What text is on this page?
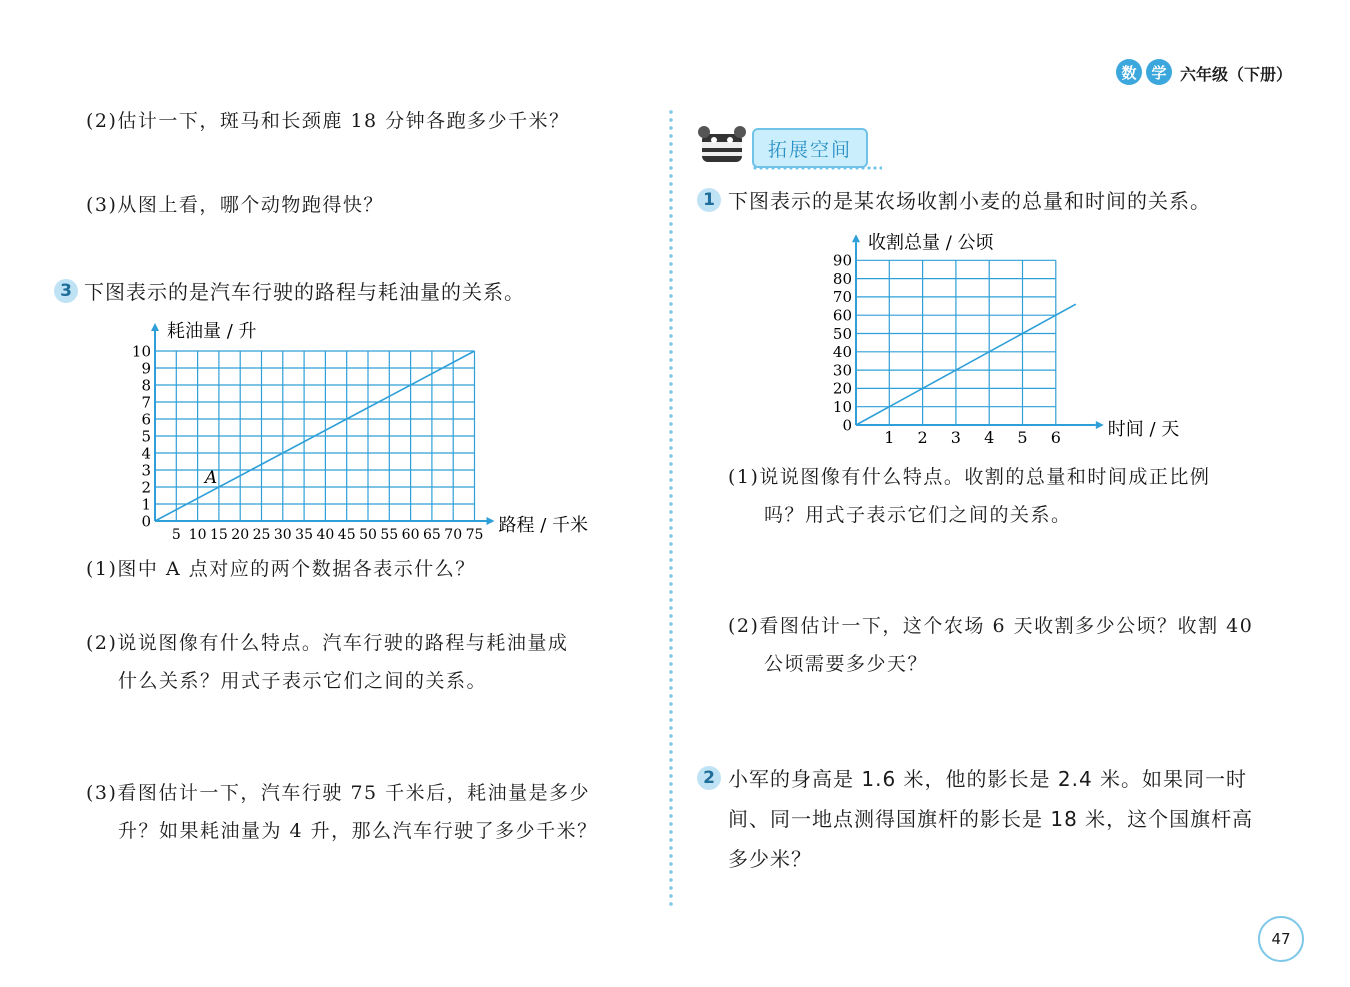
数 学 六年级（下册）
(2)估计一下，斑马和长颈鹿 18 分钟各跑多少千米？
(3)从图上看，哪个动物跑得快？
3 下图表示的是汽车行驶的路程与耗油量的关系。
5 10 15 20 25 30 35 40 45 50 55 60 65 70 75
0
1
2
3
4
5
6
7
8
9
10
A
耗油量 / 升
路程 / 千米
(1)图中 A 点对应的两个数据各表示什么？
(2)说说图像有什么特点。汽车行驶的路程与耗油量成
什么关系？用式子表示它们之间的关系。
(3)看图估计一下，汽车行驶 75 千米后，耗油量是多少
升？如果耗油量为 4 升，那么汽车行驶了多少千米？
拓展空间
1 下图表示的是某农场收割小麦的总量和时间的关系。
1 2 3 4 5 6
0
10
20
30
40
50
60
70
80
90
收割总量 / 公顷
时间 / 天
(1)说说图像有什么特点。收割的总量和时间成正比例
吗？用式子表示它们之间的关系。
(2)看图估计一下，这个农场 6 天收割多少公顷？收割 40
公顷需要多少天？
2 小军的身高是 1.6 米，他的影长是 2.4 米。如果同一时
间、同一地点测得国旗杆的影长是 18 米，这个国旗杆高
多少米？
47
